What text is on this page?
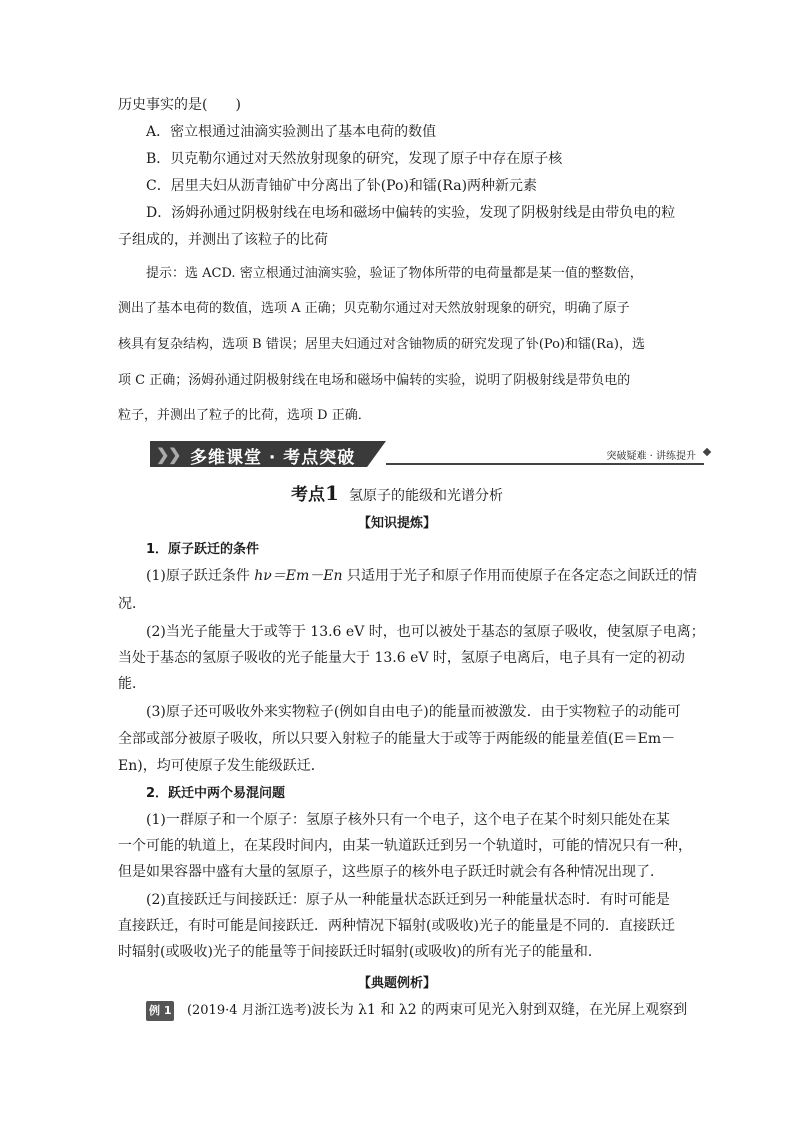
历史事实的是(　　)
A．密立根通过油滴实验测出了基本电荷的数值
B．贝克勒尔通过对天然放射现象的研究，发现了原子中存在原子核
C．居里夫妇从沥青铀矿中分离出了钋(Po)和镭(Ra)两种新元素
D．汤姆孙通过阴极射线在电场和磁场中偏转的实验，发现了阴极射线是由带负电的粒
子组成的，并测出了该粒子的比荷
提示：选 ACD. 密立根通过油滴实验，验证了物体所带的电荷量都是某一值的整数倍，
测出了基本电荷的数值，选项 A 正确；贝克勒尔通过对天然放射现象的研究，明确了原子
核具有复杂结构，选项 B 错误；居里夫妇通过对含铀物质的研究发现了钋(Po)和镭(Ra)，选
项 C 正确；汤姆孙通过阴极射线在电场和磁场中偏转的实验，说明了阴极射线是带负电的
粒子，并测出了粒子的比荷，选项 D 正确．
❯
❯ 多维课堂 · 考点突破	突破疑难 · 讲练提升
考点1 氢原子的能级和光谱分析
【知识提炼】
1．原子跃迁的条件
(1)原子跃迁条件 hν＝Em－En 只适用于光子和原子作用而使原子在各定态之间跃迁的情
况．
(2)当光子能量大于或等于 13.6 eV 时，也可以被处于基态的氢原子吸收，使氢原子电离；
当处于基态的氢原子吸收的光子能量大于 13.6 eV 时，氢原子电离后，电子具有一定的初动
能．
(3)原子还可吸收外来实物粒子(例如自由电子)的能量而被激发．由于实物粒子的动能可
全部或部分被原子吸收，所以只要入射粒子的能量大于或等于两能级的能量差值(E＝Em－
En)，均可使原子发生能级跃迁．
2．跃迁中两个易混问题
(1)一群原子和一个原子：氢原子核外只有一个电子，这个电子在某个时刻只能处在某
一个可能的轨道上，在某段时间内，由某一轨道跃迁到另一个轨道时，可能的情况只有一种，
但是如果容器中盛有大量的氢原子，这些原子的核外电子跃迁时就会有各种情况出现了．
(2)直接跃迁与间接跃迁：原子从一种能量状态跃迁到另一种能量状态时．有时可能是
直接跃迁，有时可能是间接跃迁．两种情况下辐射(或吸收)光子的能量是不同的．直接跃迁
时辐射(或吸收)光子的能量等于间接跃迁时辐射(或吸收)的所有光子的能量和．
【典题例析】
例 1 (2019·4 月浙江选考)波长为 λ1 和 λ2 的两束可见光入射到双缝，在光屏上观察到
